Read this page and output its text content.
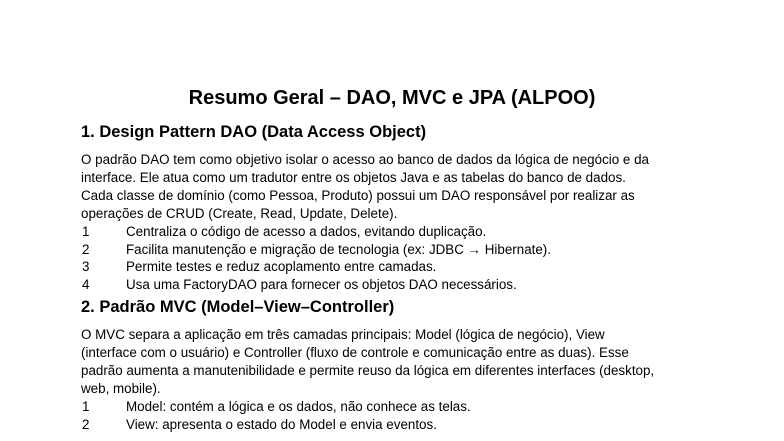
Resumo Geral – DAO, MVC e JPA (ALPOO)
1. Design Pattern DAO (Data Access Object)

O padrão DAO tem como objetivo isolar o acesso ao banco de dados da lógica de negócio e da
interface. Ele atua como um tradutor entre os objetos Java e as tabelas do banco de dados.
Cada classe de domínio (como Pessoa, Produto) possui um DAO responsável por realizar as
operações de CRUD (Create, Read, Update, Delete).

1	Centraliza o código de acesso a dados, evitando duplicação.
2	Facilita manutenção e migração de tecnologia (ex: JDBC → Hibernate).
3	Permite testes e reduz acoplamento entre camadas.
4	Usa uma FactoryDAO para fornecer os objetos DAO necessários.
2. Padrão MVC (Model–View–Controller)

O MVC separa a aplicação em três camadas principais: Model (lógica de negócio), View
(interface com o usuário) e Controller (fluxo de controle e comunicação entre as duas). Esse
padrão aumenta a manutenibilidade e permite reuso da lógica em diferentes interfaces (desktop,
web, mobile).

1	Model: contém a lógica e os dados, não conhece as telas.
2	View: apresenta o estado do Model e envia eventos.
